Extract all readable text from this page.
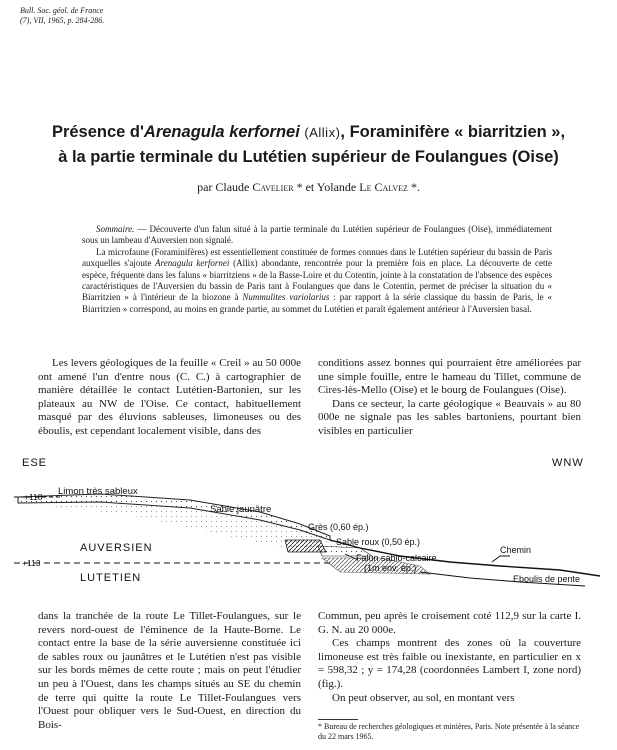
Bull. Soc. géol. de France
(7), VII, 1965, p. 284-286.
Présence d'Arenagula kerfornei (Allix), Foraminifère « biarritzien »,
à la partie terminale du Lutétien supérieur de Foulangues (Oise)
par Claude Cavelier * et Yolande Le Calvez *.
Sommaire. — Découverte d'un falun situé à la partie terminale du Lutétien supérieur de Foulangues (Oise), immédiatement sous un lambeau d'Auversien non signalé.
La microfaune (Foraminifères) est essentiellement constituée de formes connues dans le Lutétien supérieur du bassin de Paris auxquelles s'ajoute Arenagula kerfornei (Allix) abondante, rencontrée pour la première fois en place. La découverte de cette espèce, fréquente dans les faluns « biarritziens » de la Basse-Loire et du Cotentin, jointe à la constatation de l'absence des espèces caractéristiques de l'Auversien du bassin de Paris tant à Foulangues que dans le Cotentin, permet de préciser la situation du « Biarritzien » à l'intérieur de la biozone à Nummulites variolarius : par rapport à la série classique du bassin de Paris, le « Biarritzien » correspond, au moins en grande partie, au sommet du Lutétien et paraît également antérieur à l'Auversien basal.

Les levers géologiques de la feuille « Creil » au 50 000e ont amené l'un d'entre nous (C. C.) à cartographier de manière détaillée le contact Lutétien-Bartonien, sur les plateaux au NW de l'Oise. Ce contact, habituellement masqué par des éluvions sableuses, limoneuses ou des éboulis, est cependant localement visible, dans des

conditions assez bonnes qui pourraient être améliorées par une simple fouille, entre le hameau du Tillet, commune de Cires-lès-Mello (Oise) et le bourg de Foulangues (Oise).

Dans ce secteur, la carte géologique « Beauvais » au 80 000e ne signale pas les sables bartoniens, pourtant bien visibles en particulier

ESE	WNW
+118
+113
Limon très sableux
Sable jaunâtre
Grès (0,60 ép.)
Sable roux (0,50 ép.)
Falun sablo-calcaire
(1m env. ép.)
Chemin
Eboulis de pente
AUVERSIEN
LUTETIEN

dans la tranchée de la route Le Tillet-Foulangues, sur le revers nord-ouest de l'éminence de la Haute-Borne. Le contact entre la base de la série auversienne constituée ici de sables roux ou jaunâtres et le Lutétien n'est pas visible sur les bords mêmes de cette route ; mais on peut l'étudier un peu à l'Ouest, dans les champs situés au SE du chemin de terre qui quitte la route Le Tillet-Foulangues vers l'Ouest pour obliquer vers le Sud-Ouest, en direction du Bois-

Commun, peu après le croisement coté 112,9 sur la carte I. G. N. au 20 000e.

Ces champs montrent des zones où la couverture limoneuse est très faible ou inexistante, en particulier en x = 598,32 ; y = 174,28 (coordonnées Lambert I, zone nord) (fig.).

On peut observer, au sol, en montant vers

* Bureau de recherches géologiques et minières, Paris. Note présentée à la séance du 22 mars 1965.
